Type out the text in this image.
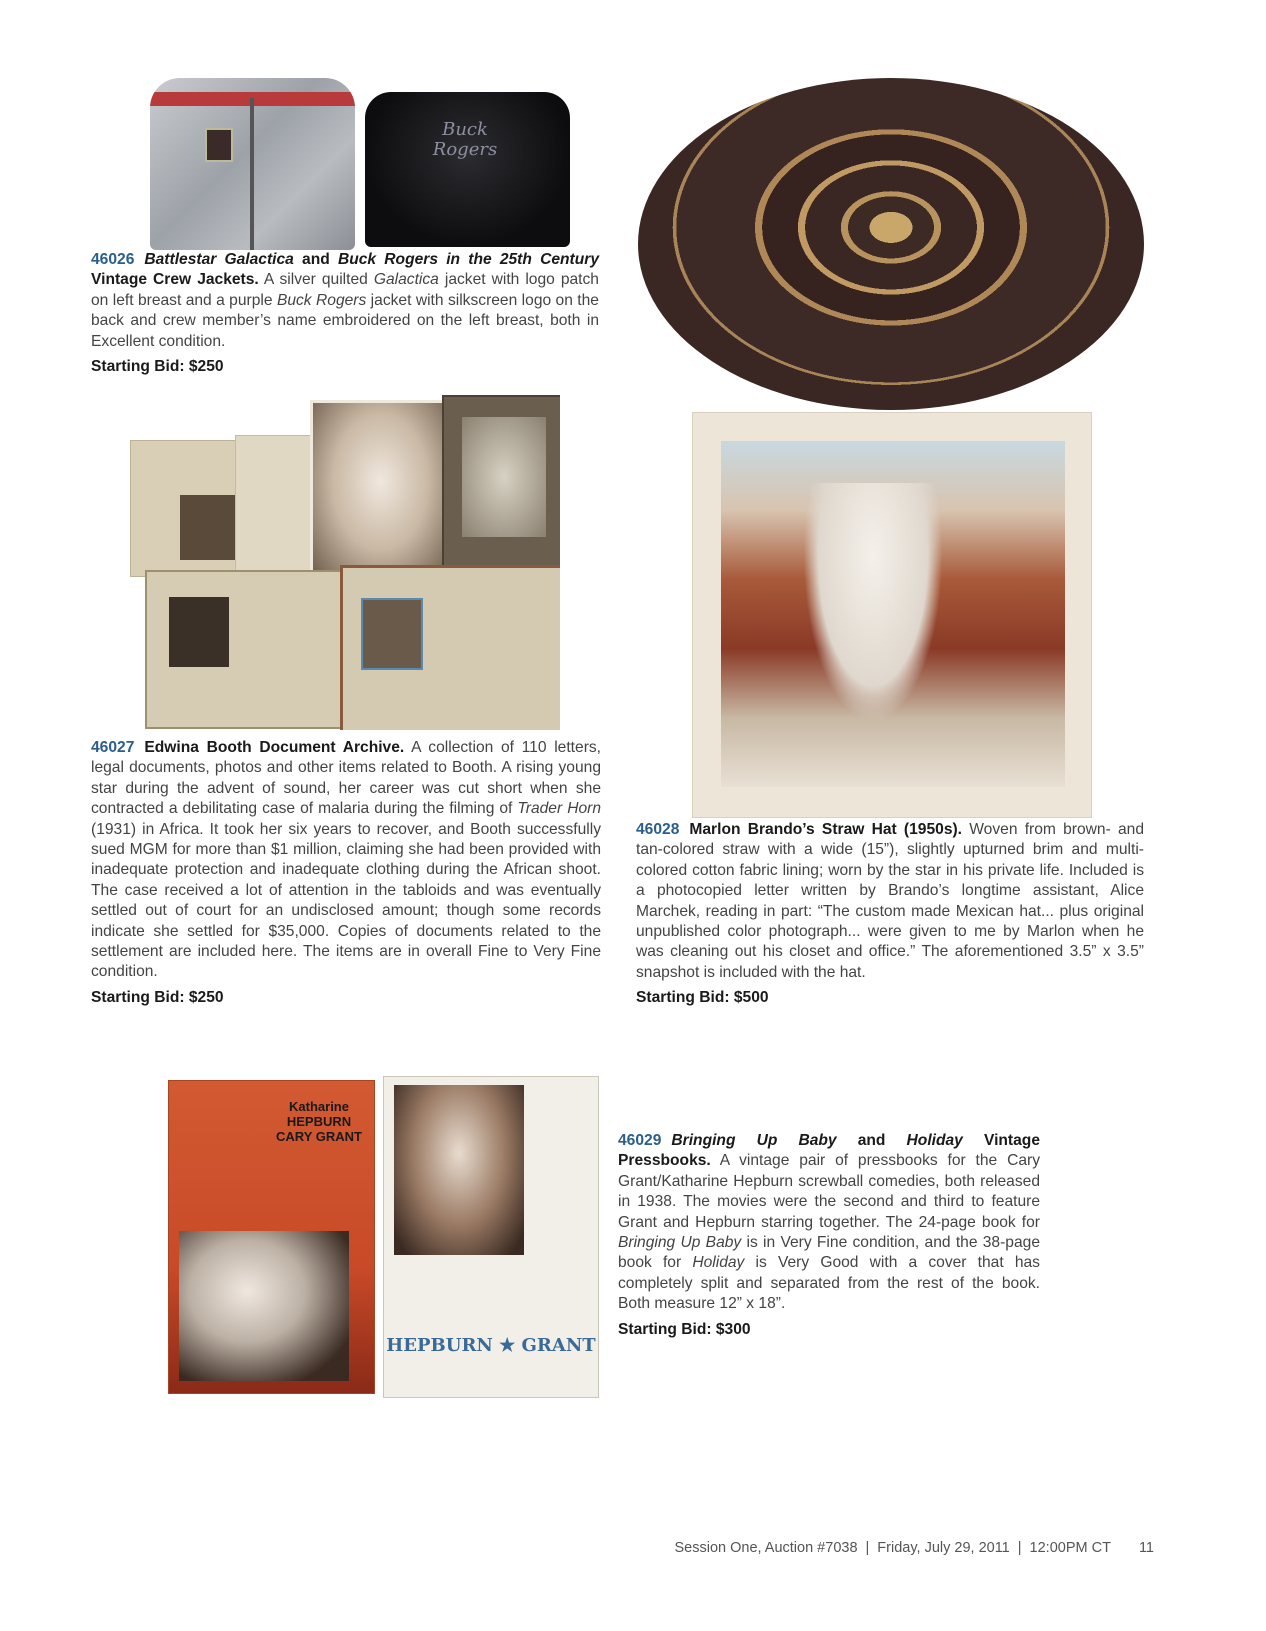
Buck Rogers
46026 Battlestar Galactica and Buck Rogers in the 25th Century Vintage Crew Jackets. A silver quilted Galactica jacket with logo patch on left breast and a purple Buck Rogers jacket with silkscreen logo on the back and crew member’s name embroidered on the left breast, both in Excellent condition.
Starting Bid: $250
46027 Edwina Booth Document Archive. A collection of 110 letters, legal documents, photos and other items related to Booth. A rising young star during the advent of sound, her career was cut short when she contracted a debilitating case of malaria during the filming of Trader Horn (1931) in Africa. It took her six years to recover, and Booth successfully sued MGM for more than $1 million, claiming she had been provided with inadequate protection and inadequate clothing during the African shoot. The case received a lot of attention in the tabloids and was eventually settled out of court for an undisclosed amount; though some records indicate she settled for $35,000. Copies of documents related to the settlement are included here. The items are in overall Fine to Very Fine condition.
Starting Bid: $250
46028 Marlon Brando’s Straw Hat (1950s). Woven from brown- and tan-colored straw with a wide (15”), slightly upturned brim and multi-colored cotton fabric lining; worn by the star in his private life. Included is a photocopied letter written by Brando’s longtime assistant, Alice Marchek, reading in part: “The custom made Mexican hat... plus original unpublished color photograph... were given to me by Marlon when he was cleaning out his closet and office.” The aforementioned 3.5” x 3.5” snapshot is included with the hat.
Starting Bid: $500
Katharine HEPBURN CARY GRANT
HEPBURN ★ GRANT
46029 Bringing Up Baby and Holiday Vintage Pressbooks. A vintage pair of pressbooks for the Cary Grant/Katharine Hepburn screwball comedies, both released in 1938. The movies were the second and third to feature Grant and Hepburn starring together. The 24-page book for Bringing Up Baby is in Very Fine condition, and the 38-page book for Holiday is Very Good with a cover that has completely split and separated from the rest of the book. Both measure 12” x 18”.
Starting Bid: $300
Session One, Auction #7038 | Friday, July 29, 2011 | 12:00PM CT 11
